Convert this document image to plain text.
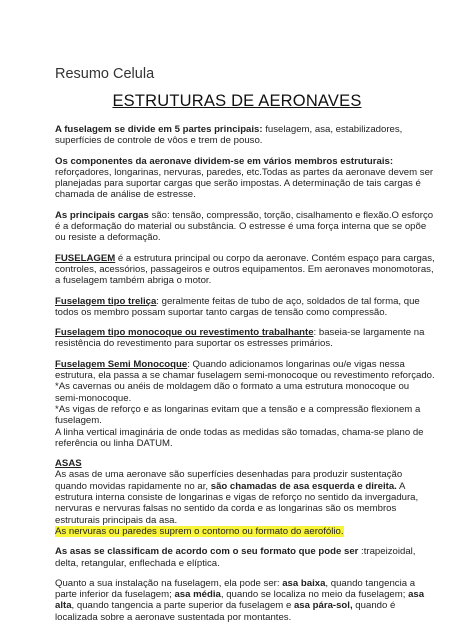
Resumo Celula
ESTRUTURAS DE AERONAVES

A fuselagem se divide em 5 partes principais: fuselagem, asa, estabilizadores, superfícies de controle de vôos e trem de pouso.

Os componentes da aeronave dividem-se em vários membros estruturais: reforçadores, longarinas, nervuras, paredes, etc.Todas as partes da aeronave devem ser planejadas para suportar cargas que serão impostas. A determinação de tais cargas é chamada de análise de estresse.

As principais cargas são: tensão, compressão, torção, cisalhamento e flexão.O esforço é a deformação do material ou substância. O estresse é uma força interna que se opõe ou resiste a deformação.

FUSELAGEM é a estrutura principal ou corpo da aeronave. Contém espaço para cargas, controles, acessórios, passageiros e outros equipamentos. Em aeronaves monomotoras, a fuselagem também abriga o motor.

Fuselagem tipo treliça: geralmente feitas de tubo de aço, soldados de tal forma, que todos os membro possam suportar tanto cargas de tensão como compressão.

Fuselagem tipo monocoque ou revestimento trabalhante: baseia-se largamente na resistência do revestimento para suportar os estresses primários.

Fuselagem Semi Monocoque: Quando adicionamos longarinas ou/e vigas nessa estrutura, ela passa a se chamar fuselagem semi-monocoque ou revestimento reforçado.
*As cavernas ou anéis de moldagem dão o formato a uma estrutura monocoque ou semi-monocoque.
*As vigas de reforço e as longarinas evitam que a tensão e a compressão flexionem a fuselagem.
A linha vertical imaginária de onde todas as medidas são tomadas, chama-se plano de referência ou linha DATUM.

ASAS
As asas de uma aeronave são superfícies desenhadas para produzir sustentação quando movidas rapidamente no ar, são chamadas de asa esquerda e direita. A estrutura interna consiste de longarinas e vigas de reforço no sentido da invergadura, nervuras e nervuras falsas no sentido da corda e as longarinas são os membros estruturais principais da asa.
As nervuras ou paredes suprem o contorno ou formato do aerofólio.

As asas se classificam de acordo com o seu formato que pode ser :trapeizoidal, delta, retangular, enflechada e elíptica.

Quanto a sua instalação na fuselagem, ela pode ser: asa baixa, quando tangencia a parte inferior da fuselagem; asa média, quando se localiza no meio da fuselagem; asa alta, quando tangencia a parte superior da fuselagem e asa pára-sol, quando é localizada sobre a aeronave sustentada por montantes.
